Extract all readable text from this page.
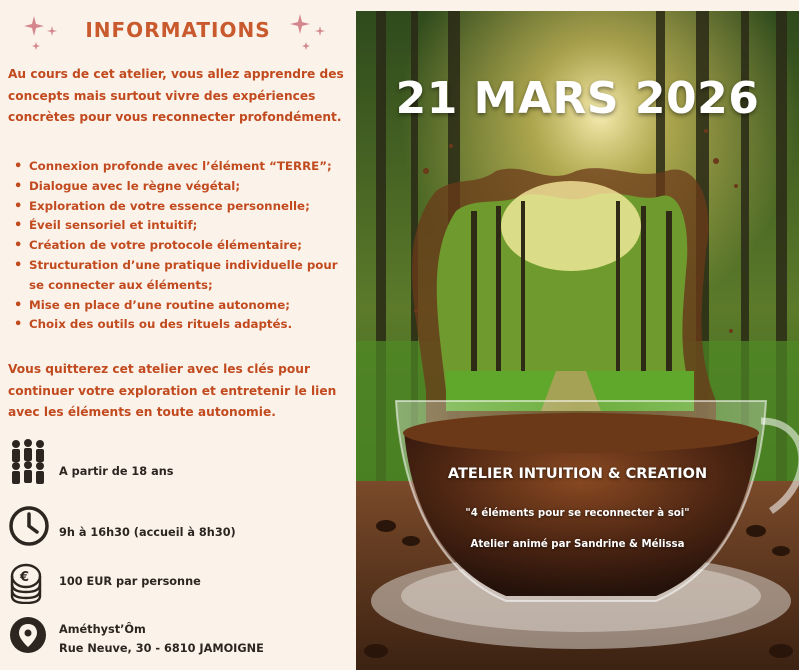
INFORMATIONS
Au cours de cet atelier, vous allez apprendre des concepts mais surtout vivre des expériences concrètes pour vous reconnecter profondément.
• Connexion profonde avec l’élément “TERRE”;
• Dialogue avec le règne végétal;
• Exploration de votre essence personnelle;
• Éveil sensoriel et intuitif;
• Création de votre protocole élémentaire;
• Structuration d’une pratique individuelle pour se connecter aux éléments;
• Mise en place d’une routine autonome;
• Choix des outils ou des rituels adaptés.
Vous quitterez cet atelier avec les clés pour continuer votre exploration et entretenir le lien avec les éléments en toute autonomie.
A partir de 18 ans
9h à 16h30 (accueil à 8h30)
€	100 EUR par personne
Améthyst’Ôm
Rue Neuve, 30 - 6810 JAMOIGNE
21 MARS 2026
ATELIER INTUITION & CREATION
"4 éléments pour se reconnecter à soi"
Atelier animé par Sandrine & Mélissa
